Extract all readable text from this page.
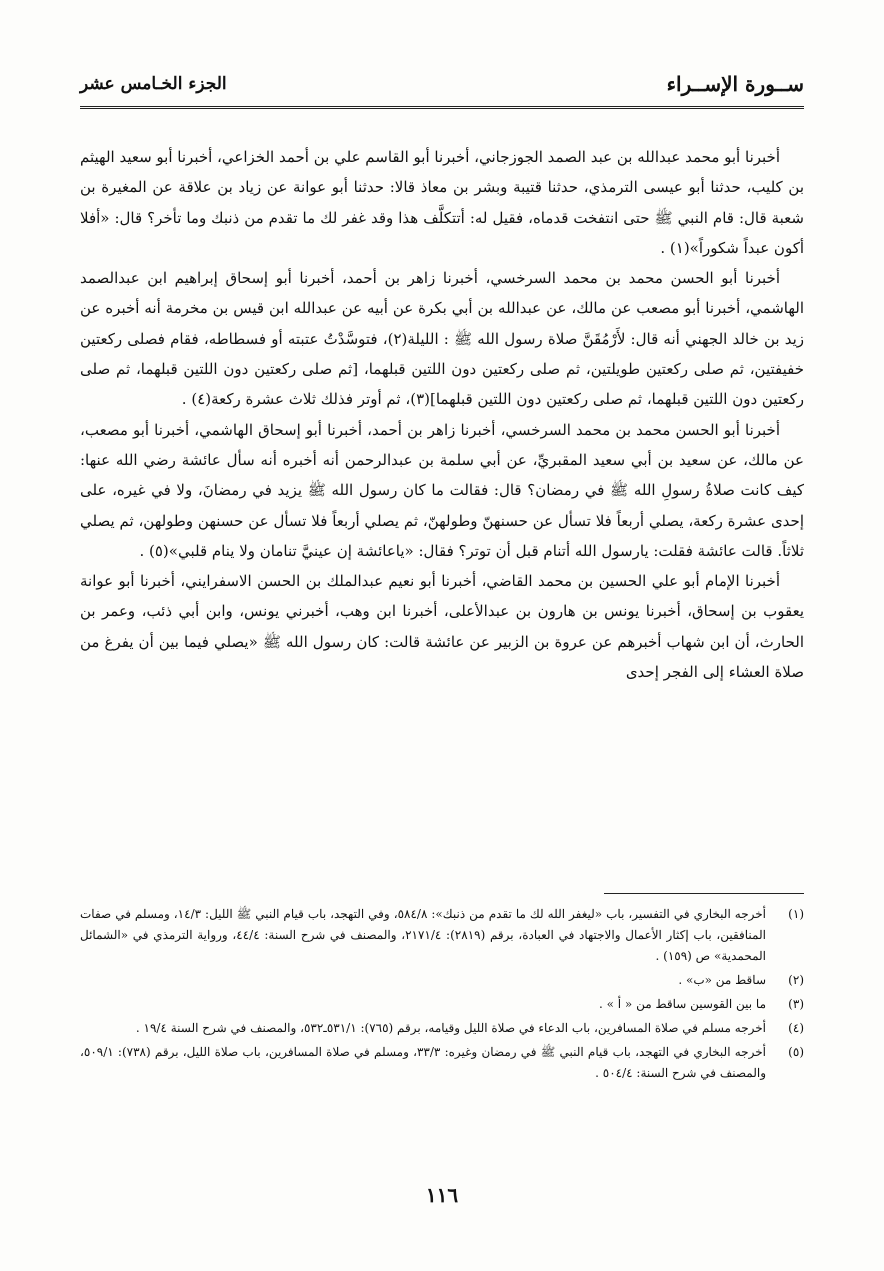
ســورة الإســراء
الجزء الخـامس عشر

أخبرنا أبو محمد عبدالله بن عبد الصمد الجوزجاني، أخبرنا أبو القاسم علي بن أحمد الخزاعي، أخبرنا أبو سعيد الهيثم بن كليب، حدثنا أبو عيسى الترمذي، حدثنا قتيبة وبشر بن معاذ قالا: حدثنا أبو عوانة عن زياد بن علاقة عن المغيرة بن شعبة قال: قام النبي ﷺ حتى انتفخت قدماه، فقيل له: أتتكلَّف هذا وقد غفر لك ما تقدم من ذنبك وما تأخر؟ قال: «أفلا أكون عبداً شكوراً»(١) .

أخبرنا أبو الحسن محمد بن محمد السرخسي، أخبرنا زاهر بن أحمد، أخبرنا أبو إسحاق إبراهيم ابن عبدالصمد الهاشمي، أخبرنا أبو مصعب عن مالك، عن عبدالله بن أبي بكرة عن أبيه عن عبدالله ابن قيس بن مخرمة أنه أخبره عن زيد بن خالد الجهني أنه قال: لأَرْمُقَنَّ صلاة رسول الله ﷺ : الليلة(٢)، فتوسَّدْتُ عتبته أو فسطاطه، فقام فصلى ركعتين خفيفتين، ثم صلى ركعتين طويلتين، ثم صلى ركعتين دون اللتين قبلهما، [ثم صلى ركعتين دون اللتين قبلهما، ثم صلى ركعتين دون اللتين قبلهما، ثم صلى ركعتين دون اللتين قبلهما](٣)، ثم أوتر فذلك ثلاث عشرة ركعة(٤) .

أخبرنا أبو الحسن محمد بن محمد السرخسي، أخبرنا زاهر بن أحمد، أخبرنا أبو إسحاق الهاشمي، أخبرنا أبو مصعب، عن مالك، عن سعيد بن أبي سعيد المقبريِّ، عن أبي سلمة بن عبدالرحمن أنه أخبره أنه سأل عائشة رضي الله عنها: كيف كانت صلاةُ رسولِ الله ﷺ في رمضان؟ قال: فقالت ما كان رسول الله ﷺ يزيد في رمضانَ، ولا في غيره، على إحدى عشرة ركعة، يصلي أربعاً فلا تسأل عن حسنهنّ وطولهنّ، ثم يصلي أربعاً فلا تسأل عن حسنهن وطولهن، ثم يصلي ثلاثاً. قالت عائشة فقلت: يارسول الله أتنام قبل أن توتر؟ فقال: «ياعائشة إن عينيَّ تنامان ولا ينام قلبي»(٥) .

أخبرنا الإمام أبو علي الحسين بن محمد القاضي، أخبرنا أبو نعيم عبدالملك بن الحسن الاسفرايني، أخبرنا أبو عوانة يعقوب بن إسحاق، أخبرنا يونس بن هارون بن عبدالأعلى، أخبرنا ابن وهب، أخبرني يونس، وابن أبي ذئب، وعمر بن الحارث، أن ابن شهاب أخبرهم عن عروة بن الزبير عن عائشة قالت: كان رسول الله ﷺ «يصلي فيما بين أن يفرغ من صلاة العشاء إلى الفجر إحدى

(١)
أخرجه البخاري في التفسير، باب «ليغفر الله لك ما تقدم من ذنبك»: ٥٨٤/٨، وفي التهجد، باب قيام النبي ﷺ الليل: ١٤/٣، ومسلم في صفات المنافقين، باب إكثار الأعمال والاجتهاد في العبادة، برقم (٢٨١٩): ٢١٧١/٤، والمصنف في شرح السنة: ٤٤/٤، ورواية الترمذي في «الشمائل المحمدية» ص (١٥٩) .
(٢)
ساقط من «ب» .
(٣)
ما بين القوسين ساقط من « أ » .
(٤)
أخرجه مسلم في صلاة المسافرين، باب الدعاء في صلاة الليل وقيامه، برقم (٧٦٥): ٥٣١/١ـ٥٣٢، والمصنف في شرح السنة ١٩/٤ .
(٥)
أخرجه البخاري في التهجد، باب قيام النبي ﷺ في رمضان وغيره: ٣٣/٣، ومسلم في صلاة المسافرين، باب صلاة الليل، برقم (٧٣٨): ٥٠٩/١، والمصنف في شرح السنة: ٥٠٤/٤ .
١١٦
